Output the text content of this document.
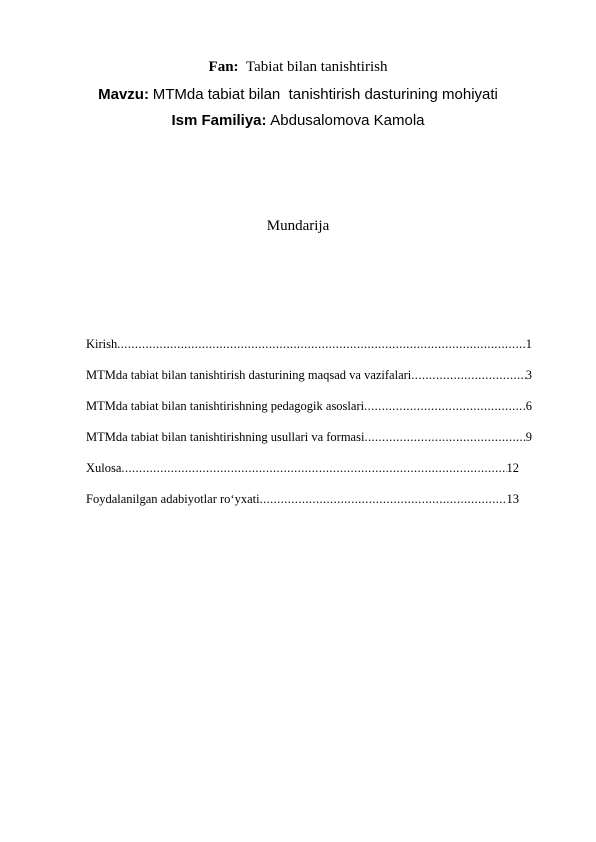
Fan: Tabiat bilan tanishtirish
Mavzu: MTMda tabiat bilan  tanishtirish dasturining mohiyati
Ism Familiya: Abdusalomova Kamola
Mundarija
Kirish .....	1
MTMda tabiat bilan tanishtirish dasturining maqsad va vazifalari .....	3
MTMda tabiat bilan tanishtirishning pedagogik asoslari .....	6
MTMda tabiat bilan tanishtirishning usullari va formasi .....	9
Xulosa .....	12
Foydalanilgan adabiyotlar ro‘yxati .....	13
